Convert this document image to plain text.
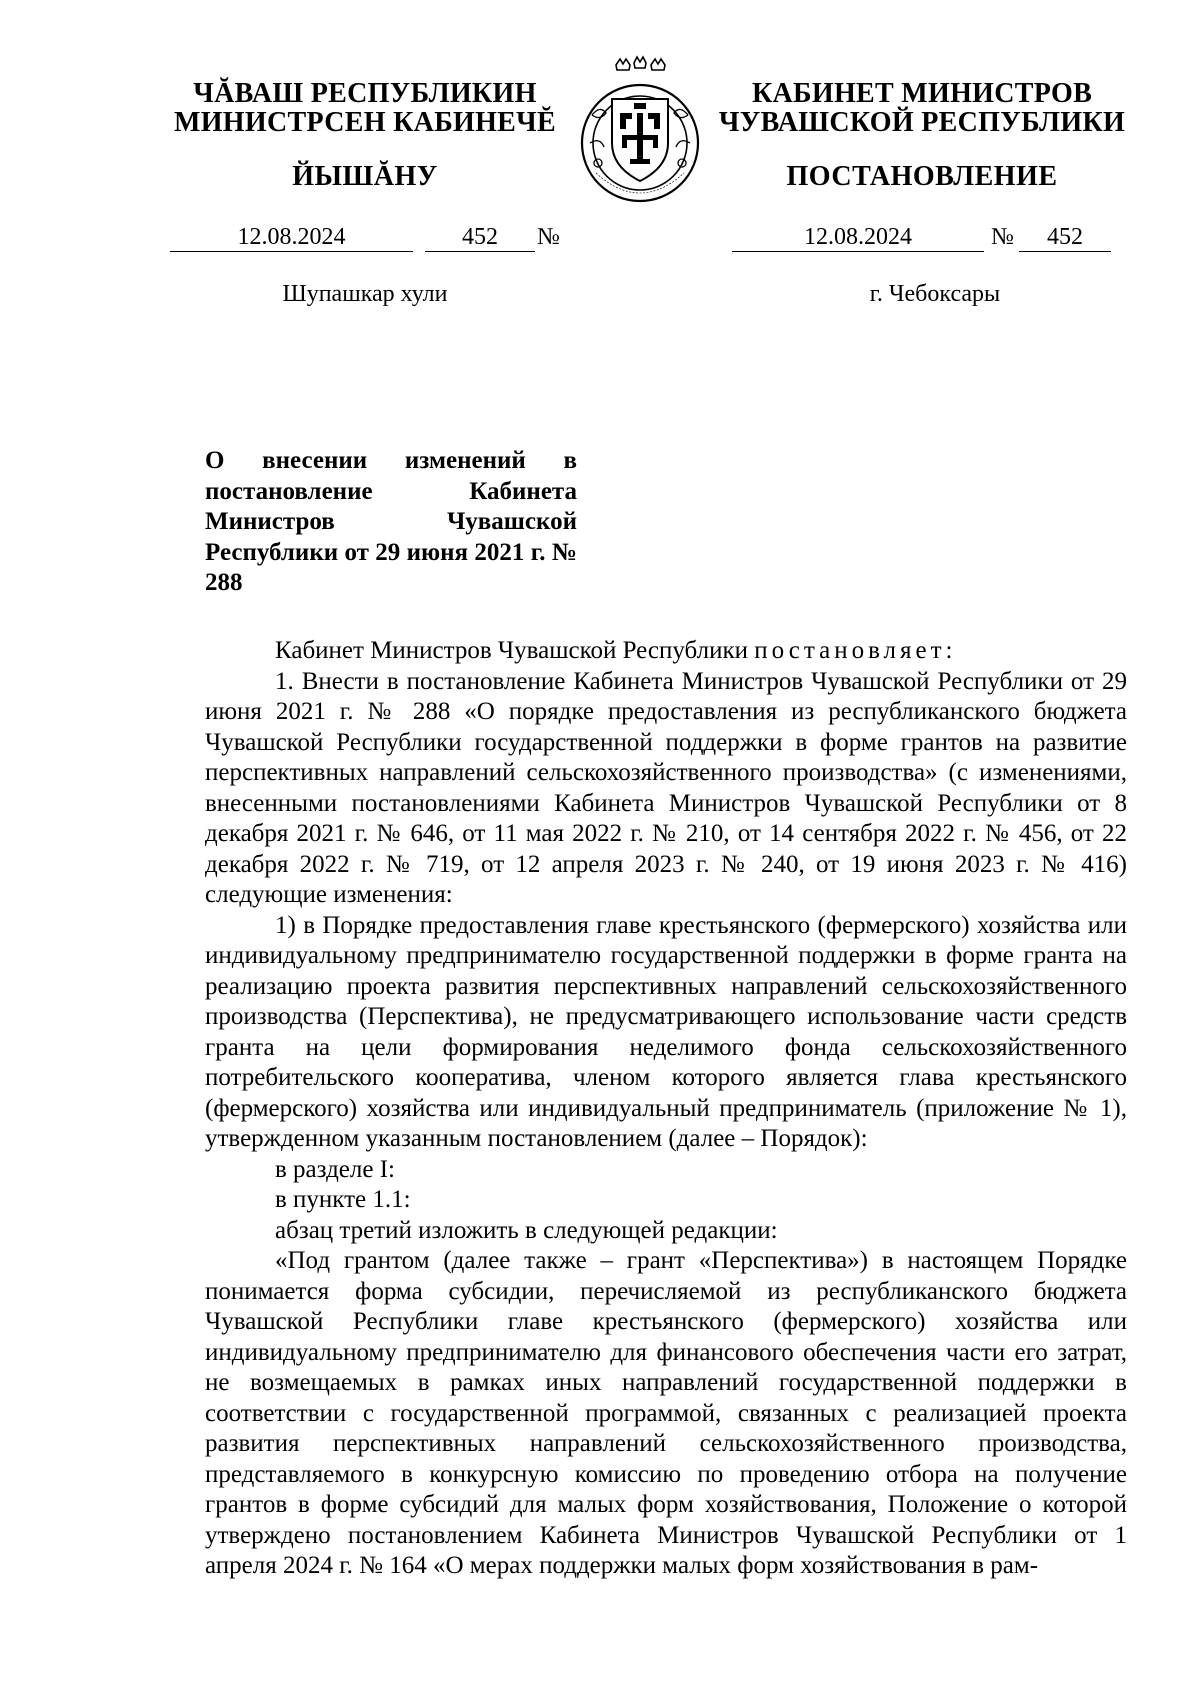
ЧĂВАШ РЕСПУБЛИКИН
МИНИСТРСЕН КАБИНЕЧĔ
КАБИНЕТ МИНИСТРОВ
ЧУВАШСКОЙ РЕСПУБЛИКИ
ЙЫШĂНУ	ПОСТАНОВЛЕНИЕ
12.08.2024	452	№	12.08.2024	№	452
Шупашкар хули	г. Чебоксары
О внесении изменений в постановление Кабинета Министров Чувашской Республики от 29 июня 2021 г. № 288

Кабинет Министров Чувашской Республики постановляет:

1. Внести в постановление Кабинета Министров Чувашской Республики от 29 июня 2021 г. № 288 «О порядке предоставления из республиканского бюджета Чувашской Республики государственной поддержки в форме грантов на развитие перспективных направлений сельскохозяйственного производства» (с изменениями, внесенными постановлениями Кабинета Министров Чувашской Республики от 8 декабря 2021 г. № 646, от 11 мая 2022 г. № 210, от 14 сентября 2022 г. № 456, от 22 декабря 2022 г. № 719, от 12 апреля 2023 г. № 240, от 19 июня 2023 г. № 416) следующие изменения:

1) в Порядке предоставления главе крестьянского (фермерского) хозяйства или индивидуальному предпринимателю государственной поддержки в форме гранта на реализацию проекта развития перспективных направлений сельскохозяйственного производства (Перспектива), не предусматривающего использование части средств гранта на цели формирования неделимого фонда сельскохозяйственного потребительского кооператива, членом которого является глава крестьянского (фермерского) хозяйства или индивидуальный предприниматель (приложение № 1), утвержденном указанным постановлением (далее – Порядок):

в разделе I:

в пункте 1.1:

абзац третий изложить в следующей редакции:

«Под грантом (далее также – грант «Перспектива») в настоящем Порядке понимается форма субсидии, перечисляемой из республиканского бюджета Чувашской Республики главе крестьянского (фермерского) хозяйства или индивидуальному предпринимателю для финансового обеспечения части его затрат, не возмещаемых в рамках иных направлений государственной поддержки в соответствии с государственной программой, связанных с реализацией проекта развития перспективных направлений сельскохозяйственного производства, представляемого в конкурсную комиссию по проведению отбора на получение грантов в форме субсидий для малых форм хозяйствования, Положение о которой утверждено постановлением Кабинета Министров Чувашской Республики от 1 апреля 2024 г. № 164 «О мерах поддержки малых форм хозяйствования в рам-
